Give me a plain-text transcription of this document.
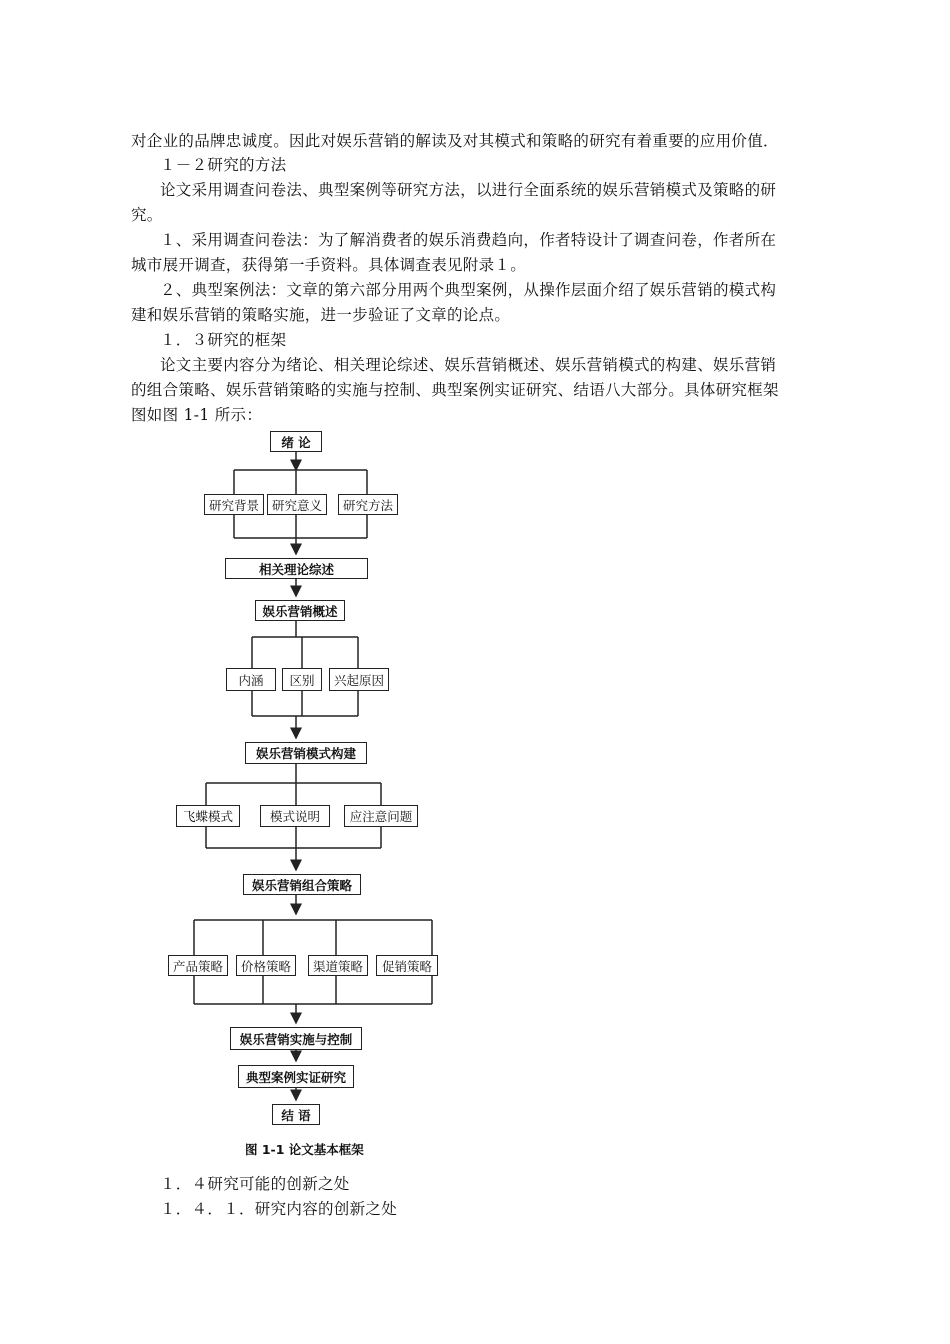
对企业的品牌忠诚度。因此对娱乐营销的解读及对其模式和策略的研究有着重要的应用价值．
１－２研究的方法
论文采用调查问卷法、典型案例等研究方法，以进行全面系统的娱乐营销模式及策略的研
究。
１、采用调查问卷法：为了解消费者的娱乐消费趋向，作者特设计了调查问卷，作者所在
城市展开调查，获得第一手资料。具体调查表见附录１。
２、典型案例法：文章的第六部分用两个典型案例，从操作层面介绍了娱乐营销的模式构
建和娱乐营销的策略实施，进一步验证了文章的论点。
１．３研究的框架
论文主要内容分为绪论、相关理论综述、娱乐营销概述、娱乐营销模式的构建、娱乐营销
的组合策略、娱乐营销策略的实施与控制、典型案例实证研究、结语八大部分。具体研究框架
图如图 1-1 所示：
绪 论
研究背景	研究意义	研究方法
相关理论综述
娱乐营销概述
内涵	区别	兴起原因
娱乐营销模式构建
飞蝶模式	模式说明	应注意问题
娱乐营销组合策略
产品策略	价格策略	渠道策略	促销策略
娱乐营销实施与控制
典型案例实证研究
结 语
图 1-1 论文基本框架
１．４研究可能的创新之处
１．４．１．研究内容的创新之处
